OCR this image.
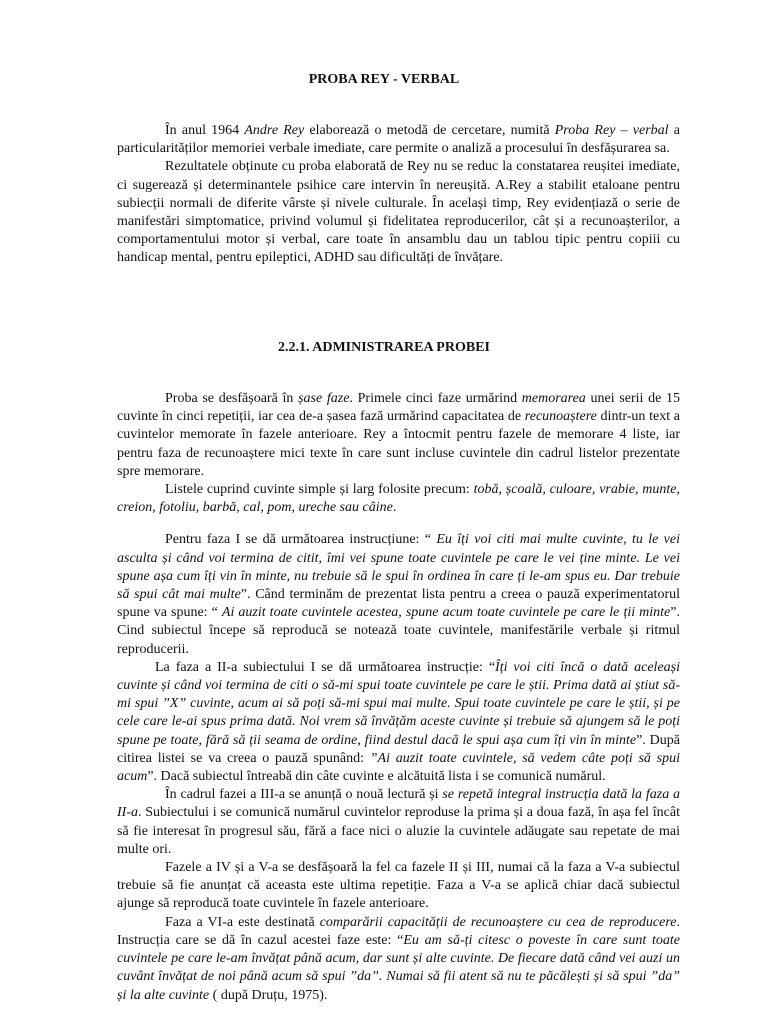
PROBA REY - VERBAL

În anul 1964 Andre Rey elaborează o metodă de cercetare, numită Proba Rey – verbal a particularităților memoriei verbale imediate, care permite o analiză a procesului în desfășurarea sa.

Rezultatele obținute cu proba elaborată de Rey nu se reduc la constatarea reușitei imediate, ci sugerează și determinantele psihice care intervin în nereușită. A.Rey a stabilit etaloane pentru subiecții normali de diferite vârste și nivele culturale. În același timp, Rey evidențiază o serie de manifestări simptomatice, privind volumul și fidelitatea reproducerilor, cât și a recunoașterilor, a comportamentului motor și verbal, care toate în ansamblu dau un tablou tipic pentru copiii cu handicap mental, pentru epileptici, ADHD sau dificultăți de învățare.

2.2.1. ADMINISTRAREA PROBEI

Proba se desfășoară în șase faze. Primele cinci faze urmărind memorarea unei serii de 15 cuvinte în cinci repetiții, iar cea de-a șasea fază urmărind capacitatea de recunoaștere dintr-un text a cuvintelor memorate în fazele anterioare. Rey a întocmit pentru fazele de memorare 4 liste, iar pentru faza de recunoaștere mici texte în care sunt incluse cuvintele din cadrul listelor prezentate spre memorare.

Listele cuprind cuvinte simple și larg folosite precum: tobă, școală, culoare, vrabie, munte, creion, fotoliu, barbă, cal, pom, ureche sau câine.

Pentru faza I se dă următoarea instrucțiune: “ Eu îți voi citi mai multe cuvinte, tu le vei asculta și când voi termina de citit, îmi vei spune toate cuvintele pe care le vei ține minte. Le vei spune așa cum îți vin în minte, nu trebuie să le spui în ordinea în care ți le-am spus eu. Dar trebuie să spui cât mai multe”. Când terminăm de prezentat lista pentru a creea o pauză experimentatorul spune va spune: “ Ai auzit toate cuvintele acestea, spune acum toate cuvintele pe care le ții minte”. Cind subiectul începe să reproducă se notează toate cuvintele, manifestările verbale și ritmul reproducerii.

La faza a II-a subiectului I se dă următoarea instrucție: “Îți voi citi încă o dată aceleași cuvinte și când voi termina de citi o să-mi spui toate cuvintele pe care le știi. Prima dată ai știut să-mi spui ”X” cuvinte, acum ai să poți să-mi spui mai multe. Spui toate cuvintele pe care le știi, și pe cele care le-ai spus prima dată. Noi vrem să învățăm aceste cuvinte și trebuie să ajungem să le poți spune pe toate, fără să ții seama de ordine, fiind destul dacă le spui așa cum îți vin în minte”. După citirea listei se va creea o pauză spunând: ”Ai auzit toate cuvintele, să vedem câte poți să spui acum”. Dacă subiectul întreabă din câte cuvinte e alcătuită lista i se comunică numărul.

În cadrul fazei a III-a se anunță o nouă lectură și se repetă integral instrucția dată la faza a II-a. Subiectului i se comunică numărul cuvintelor reproduse la prima și a doua fază, în așa fel încât să fie interesat în progresul său, fără a face nici o aluzie la cuvintele adăugate sau repetate de mai multe ori.

Fazele a IV și a V-a se desfășoară la fel ca fazele II și III, numai că la faza a V-a subiectul trebuie să fie anunțat că aceasta este ultima repetiție. Faza a V-a se aplică chiar dacă subiectul ajunge să reproducă toate cuvintele în fazele anterioare.

Faza a VI-a este destinată comparării capacității de recunoaștere cu cea de reproducere. Instrucția care se dă în cazul acestei faze este: “Eu am să-ți citesc o poveste în care sunt toate cuvintele pe care le-am învățat până acum, dar sunt și alte cuvinte. De fiecare dată când vei auzi un cuvânt învățat de noi până acum să spui ”da”. Numai să fii atent să nu te păcălești și să spui ”da” și la alte cuvinte ( după Druțu, 1975).
